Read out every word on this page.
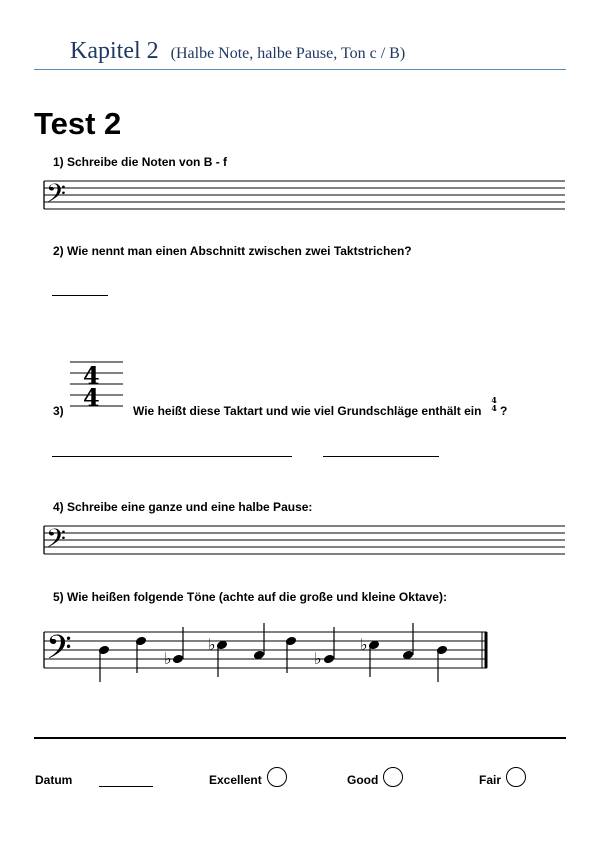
Kapitel 2 (Halbe Note, halbe Pause, Ton c / B)
Test 2
1) Schreibe die Noten von B - f
𝄢
2) Wie nennt man einen Abschnitt zwischen zwei Taktstrichen?
4
4
3)	Wie heißt diese Taktart und wie viel Grundschläge enthält ein
4
4 ?
4) Schreibe eine ganze und eine halbe Pause:
𝄢
5) Wie heißen folgende Töne (achte auf die große und kleine Oktave):
𝄢	♭
♭
♭
♭
Datum	Excellent	Good	Fair
